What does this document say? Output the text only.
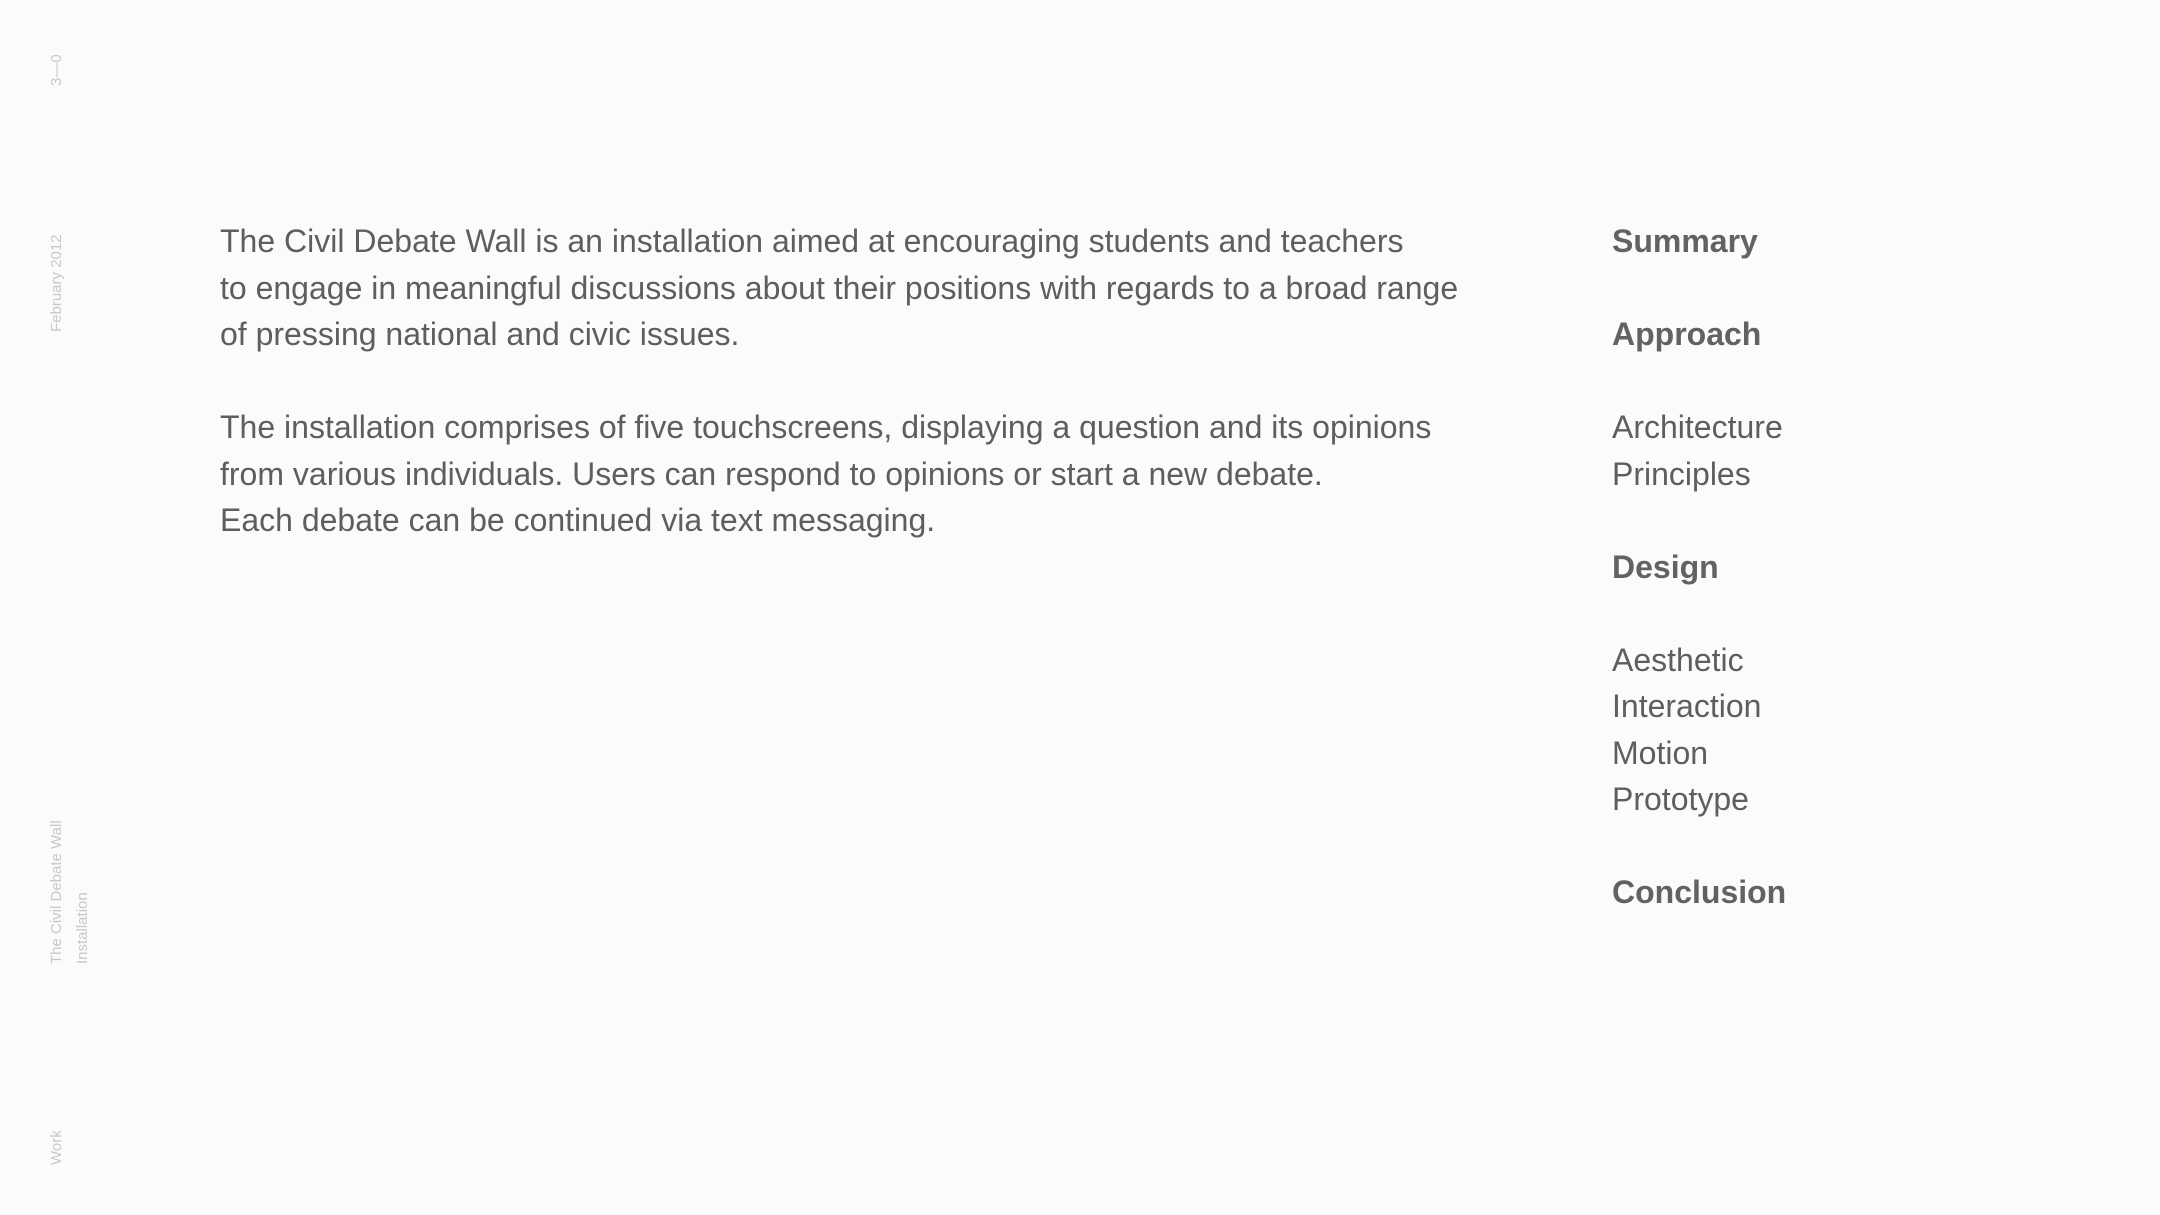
3—0
February 2012
The Civil Debate Wall Installation
Work

The Civil Debate Wall is an installation aimed at encouraging students and teachers
to engage in meaningful discussions about their positions with regards to a broad range
of pressing national and civic issues.

The installation comprises of five touchscreens, displaying a question and its opinions
from various individuals. Users can respond to opinions or start a new debate.
Each debate can be continued via text messaging.

Summary
Approach
Architecture
Principles
Design
Aesthetic
Interaction
Motion
Prototype
Conclusion
